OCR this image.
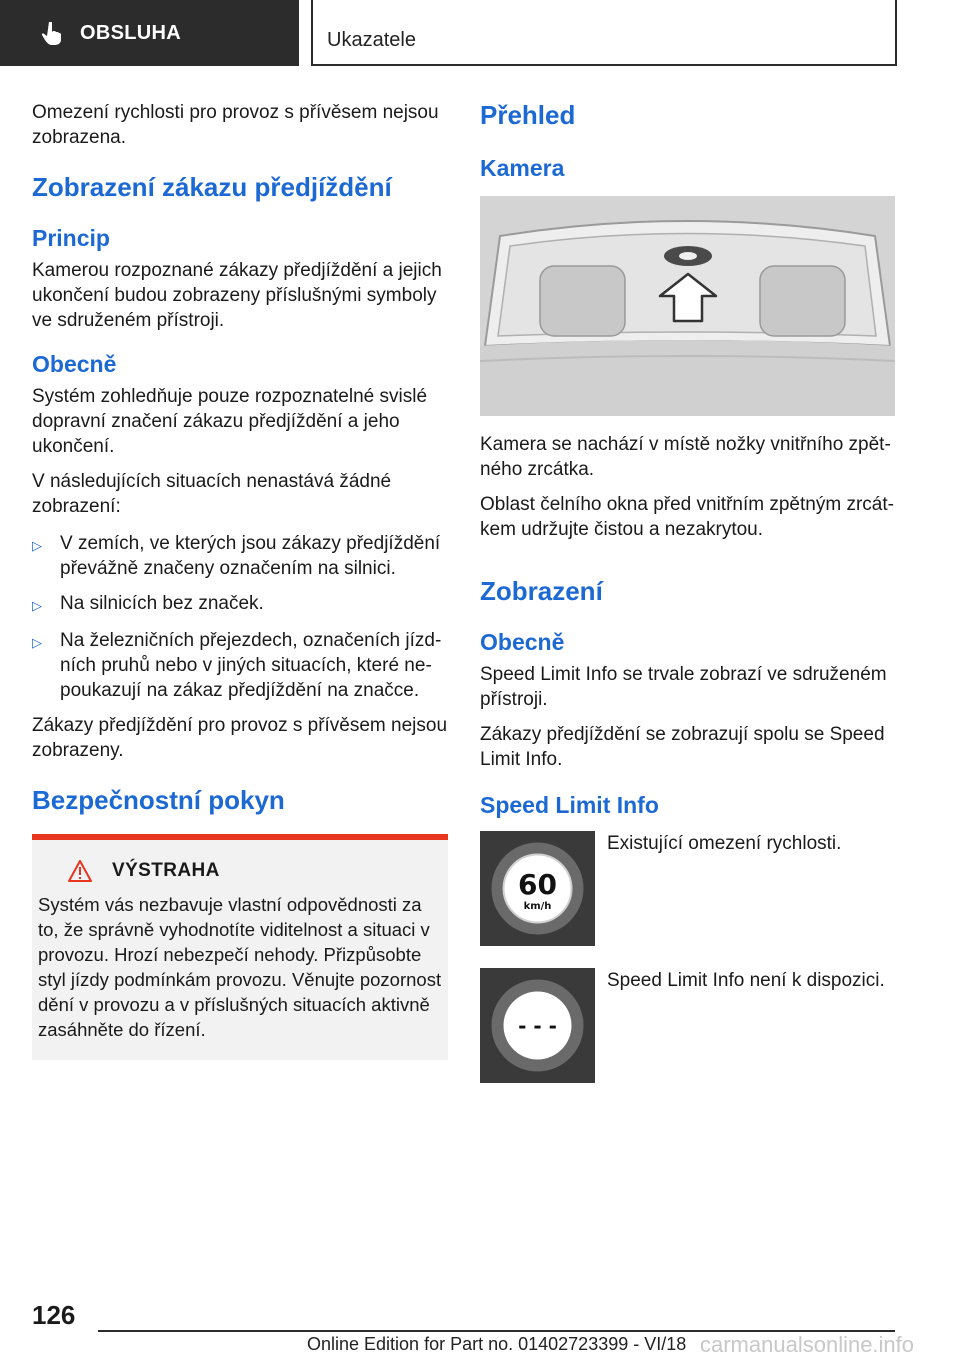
OBSLUHA	Ukazatele

Omezení rychlosti pro provoz s přívěsem nejsou zobrazena.

Zobrazení zákazu předjíždění
Princip

Kamerou rozpoznané zákazy předjíždění a jejich ukončení budou zobrazeny příslušnými symboly ve sdruženém přístroji.

Obecně

Systém zohledňuje pouze rozpoznatelné svislé dopravní značení zákazu předjíždění a jeho ukončení.

V následujících situacích nenastává žádné zobrazení:

▷ V zemích, ve kterých jsou zákazy předjíždění převážně značeny označením na silnici.
▷ Na silnicích bez značek.
▷ Na železničních přejezdech, označeních jízdních pruhů nebo v jiných situacích, které nepoukazují na zákaz předjíždění na značce.

Zákazy předjíždění pro provoz s přívěsem nejsou zobrazeny.

Bezpečnostní pokyn
VÝSTRAHA

Systém vás nezbavuje vlastní odpovědnosti za to, že správně vyhodnotíte viditelnost a situaci v provozu. Hrozí nebezpečí nehody. Přizpůsobte styl jízdy podmínkám provozu. Věnujte pozornost dění v provozu a v příslušných situacích aktivně zasáhněte do řízení.

Přehled
Kamera

Kamera se nachází v místě nožky vnitřního zpětného zrcátka.

Oblast čelního okna před vnitřním zpětným zrcátkem udržujte čistou a nezakrytou.

Zobrazení
Obecně

Speed Limit Info se trvale zobrazí ve sdruženém přístroji.

Zákazy předjíždění se zobrazují spolu se Speed Limit Info.

Speed Limit Info
60
km/h
Existující omezení rychlosti.
- - -
Speed Limit Info není k dispozici.
126
Online Edition for Part no. 01402723399 - VI/18 carmanualsonline.info
